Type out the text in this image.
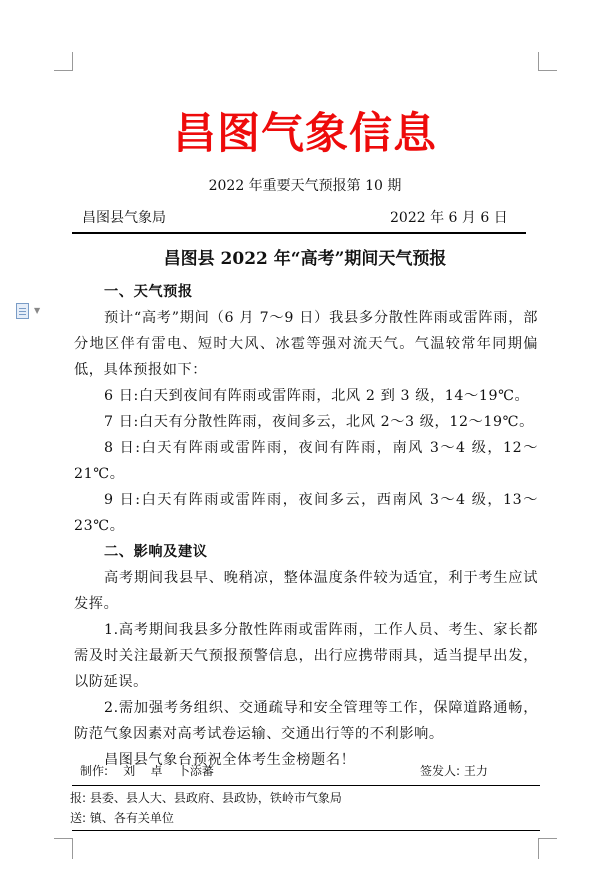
▼
昌图气象信息
2022 年重要天气预报第 10 期
昌图县气象局	2022 年 6 月 6 日
昌图县 2022 年“高考”期间天气预报

一、天气预报

预计“高考”期间（6 月 7～9 日）我县多分散性阵雨或雷阵雨，部分地区伴有雷电、短时大风、冰雹等强对流天气。气温较常年同期偏低，具体预报如下：

6 日:白天到夜间有阵雨或雷阵雨，北风 2 到 3 级，14～19℃。

7 日:白天有分散性阵雨，夜间多云，北风 2～3 级，12～19℃。

8 日:白天有阵雨或雷阵雨，夜间有阵雨，南风 3～4 级，12～21℃。

9 日:白天有阵雨或雷阵雨，夜间多云，西南风 3～4 级，13～23℃。

二、影响及建议

高考期间我县早、晚稍凉，整体温度条件较为适宜，利于考生应试发挥。

1.高考期间我县多分散性阵雨或雷阵雨，工作人员、考生、家长都需及时关注最新天气预报预警信息，出行应携带雨具，适当提早出发，以防延误。

2.需加强考务组织、交通疏导和安全管理等工作，保障道路通畅，防范气象因素对高考试卷运输、交通出行等的不利影响。

昌图县气象台预祝全体考生金榜题名！

制作:    刘    卓    卜添蕃	签发人: 王力
报: 县委、县人大、县政府、县政协，铁岭市气象局
送: 镇、各有关单位
